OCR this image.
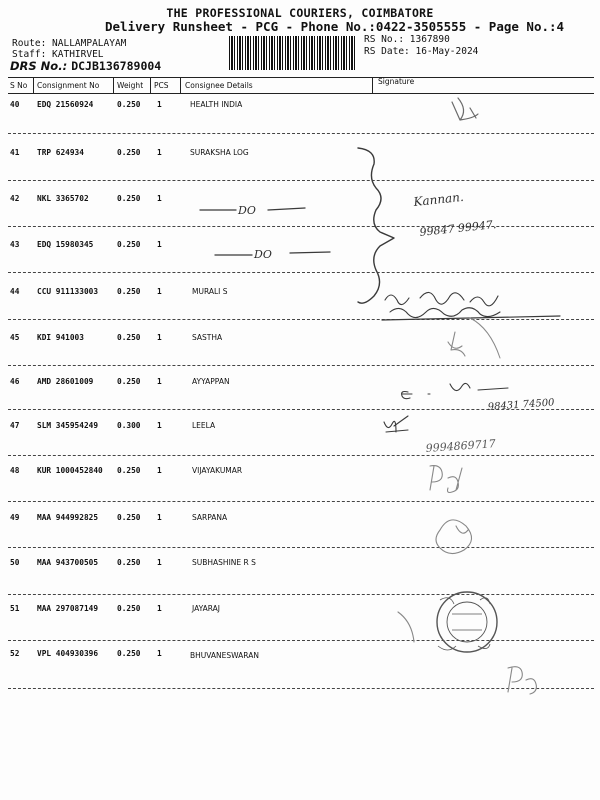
THE PROFESSIONAL COURIERS, COIMBATORE
Delivery Runsheet - PCG - Phone No.:0422-3505555 - Page No.:4
Route: NALLAMPALAYAM
Staff: KATHIRVEL
DRS No.: DCJB136789004
RS No.: 1367890
RS Date: 16-May-2024
S No Consignment No Weight PCS Consignee Details	Signature
40 EDQ 21560924	0.250 1	HEALTH INDIA
41 TRP 624934	0.250 1	SURAKSHA LOG
42 NKL 3365702	0.250 1
43 EDQ 15980345	0.250 1
44 CCU 911133003 0.250 1	MURALI S
45 KDI 941003	0.250 1	SASTHA
46 AMD 28601009	0.250 1	AYYAPPAN
47 SLM 345954249 0.300 1	LEELA
48 KUR 1000452840 0.250 1	VIJAYAKUMAR
49 MAA 944992825 0.250 1	SARPANA
50 MAA 943700505 0.250 1	SUBHASHINE R S
51 MAA 297087149 0.250 1	JAYARAJ
52 VPL 404930396 0.250 1	BHUVANESWARAN
DO
DO
Kannan.
99847 99947.
98431 74500
9994869717
